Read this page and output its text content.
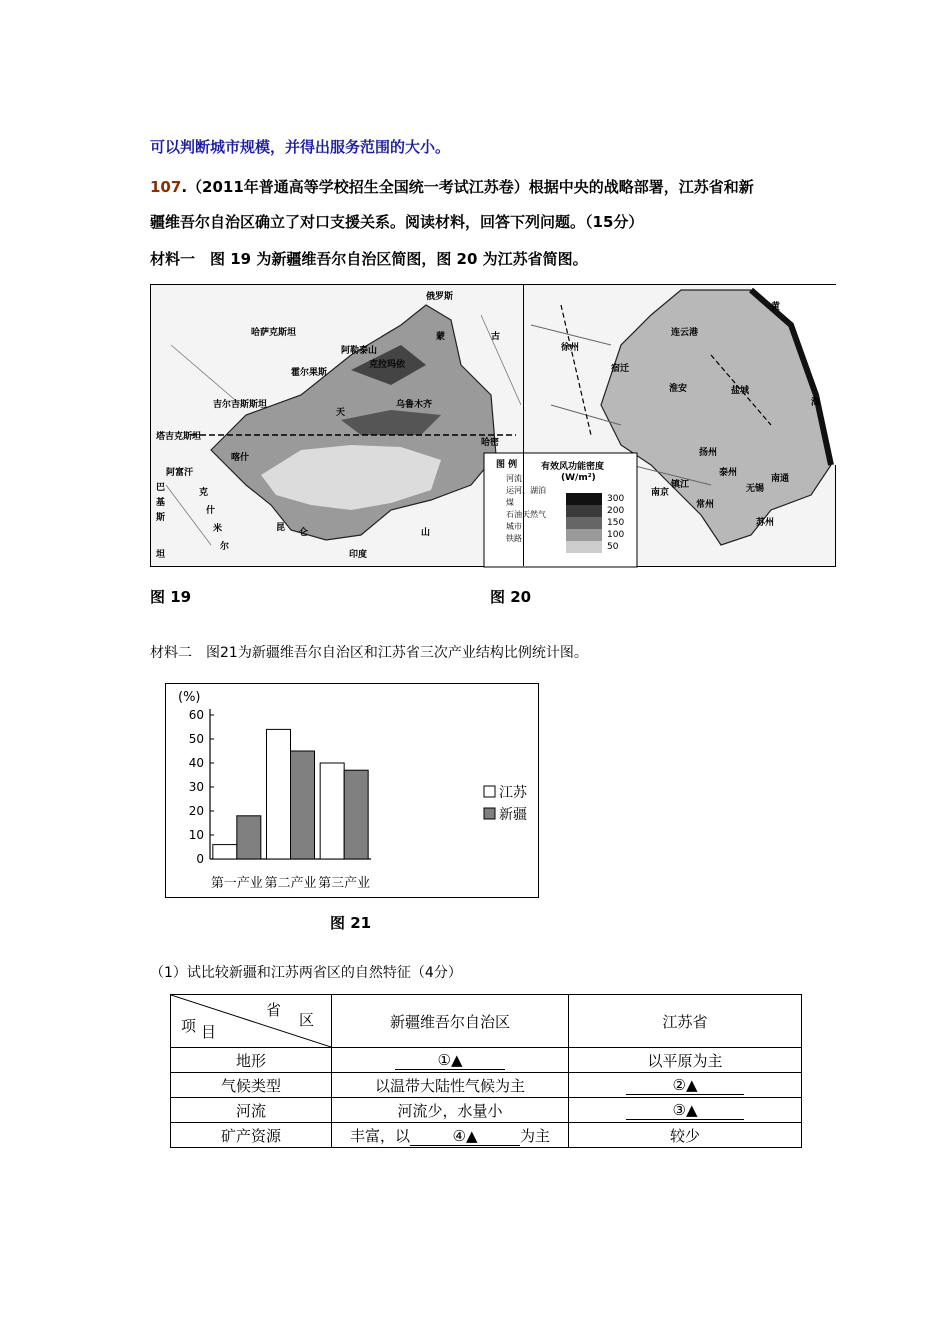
可以判断城市规模，并得出服务范围的大小。
107.（2011年普通高等学校招生全国统一考试江苏卷）根据中央的战略部署，江苏省和新
疆维吾尔自治区确立了对口支援关系。阅读材料，回答下列问题。（15分）
材料一　图 19 为新疆维吾尔自治区简图，图 20 为江苏省简图。
俄罗斯
哈萨克斯坦	蒙	古
阿勒泰山
克拉玛依
霍尔果斯
乌鲁木齐
天
吉尔吉斯斯坦
塔吉克斯坦
喀什
阿富汗
巴
基
斯
坦
克
什
米
尔
昆 仑	山
哈密
印度
黄
海
连云港
徐州
宿迁
淮安	盐城
扬州
泰州
镇江
常州
南京	无锡
苏州
南通
图 例
河流
运河、湖泊
煤
石油天然气
城市
铁路
有效风功能密度
(W/m²)
300
200
150
100
50
图 19	图 20
材料二　图21为新疆维吾尔自治区和江苏省三次产业结构比例统计图。
(%)
0
10
20
30
40
50
60
第一产业 第二产业 第三产业
江苏
新疆
图 21
（1）试比较新疆和江苏两省区的自然特征（4分）
省
区
项 目	新疆维吾尔自治区	江苏省
地形	①▲	以平原为主
气候类型	以温带大陆性气候为主	②▲
河流	河流少，水量小	③▲
矿产资源	丰富，以 ④▲ 为主	较少
